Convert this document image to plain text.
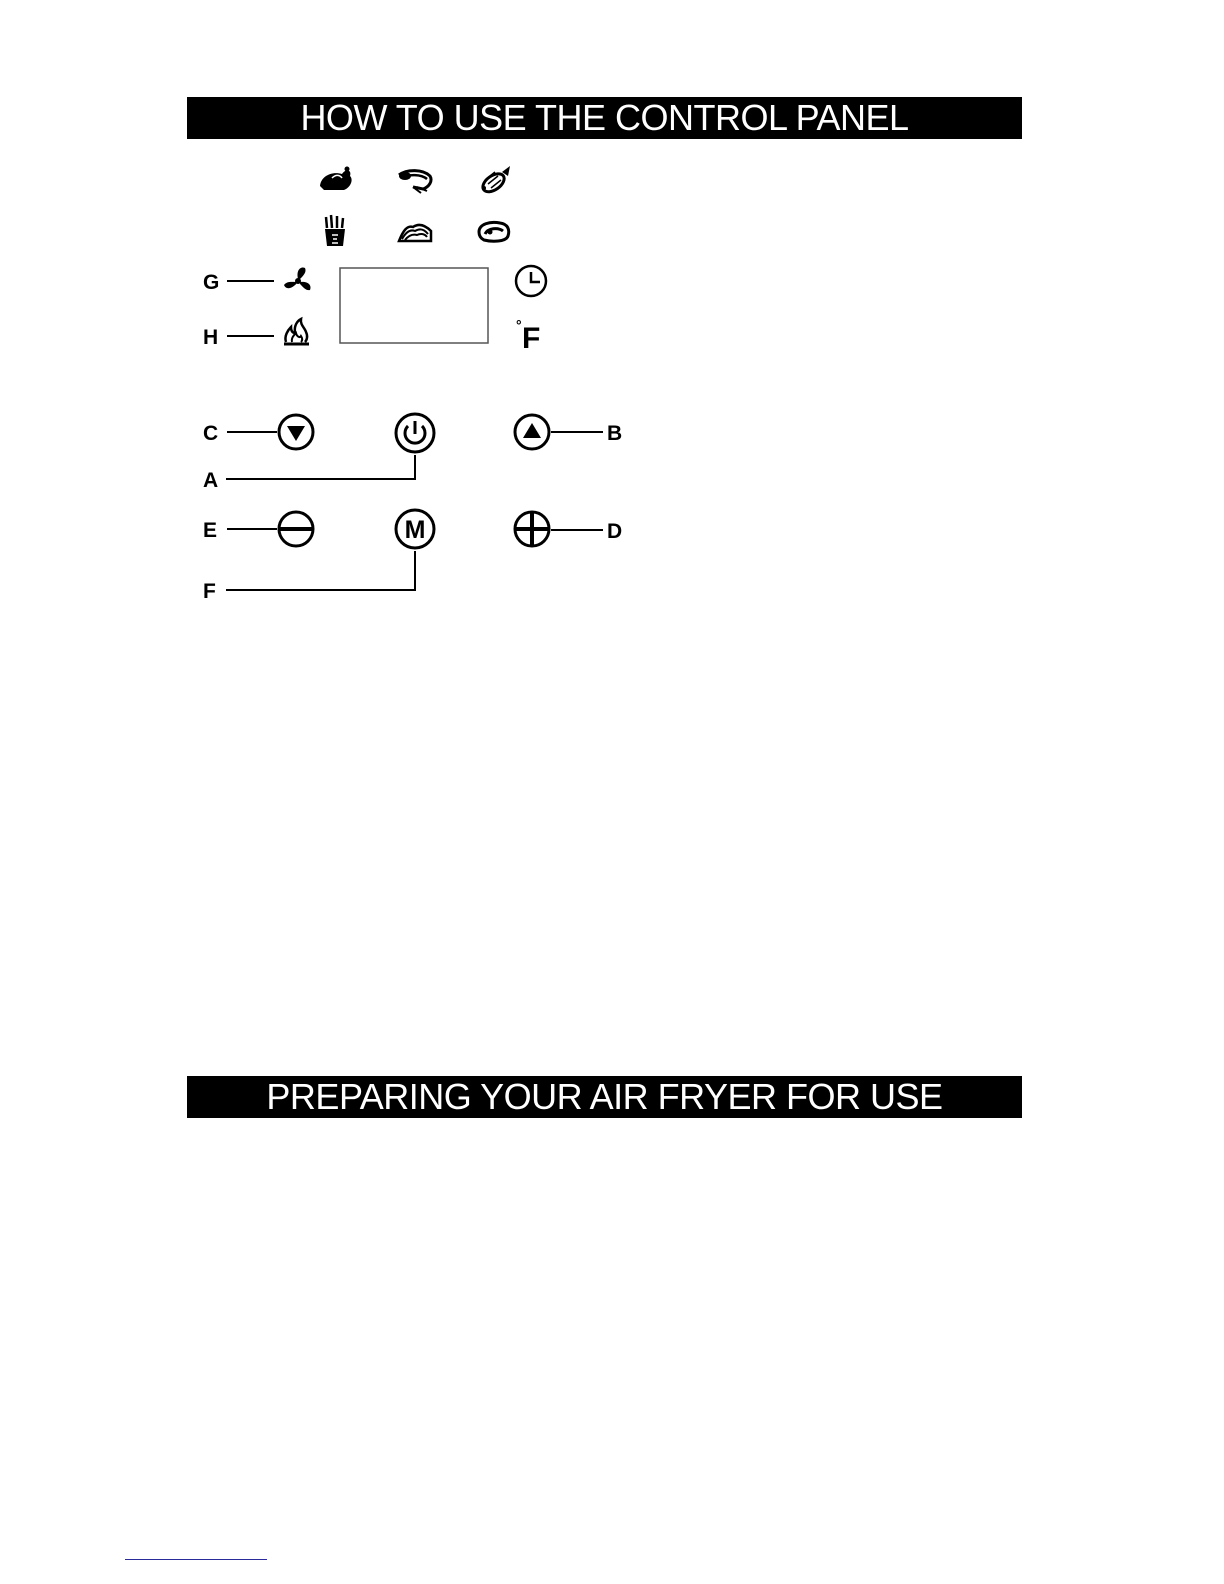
HOW TO USE THE CONTROL PANEL
G
H
° F
C
A
B
E	M
F
D
PREPARING YOUR AIR FRYER FOR USE
